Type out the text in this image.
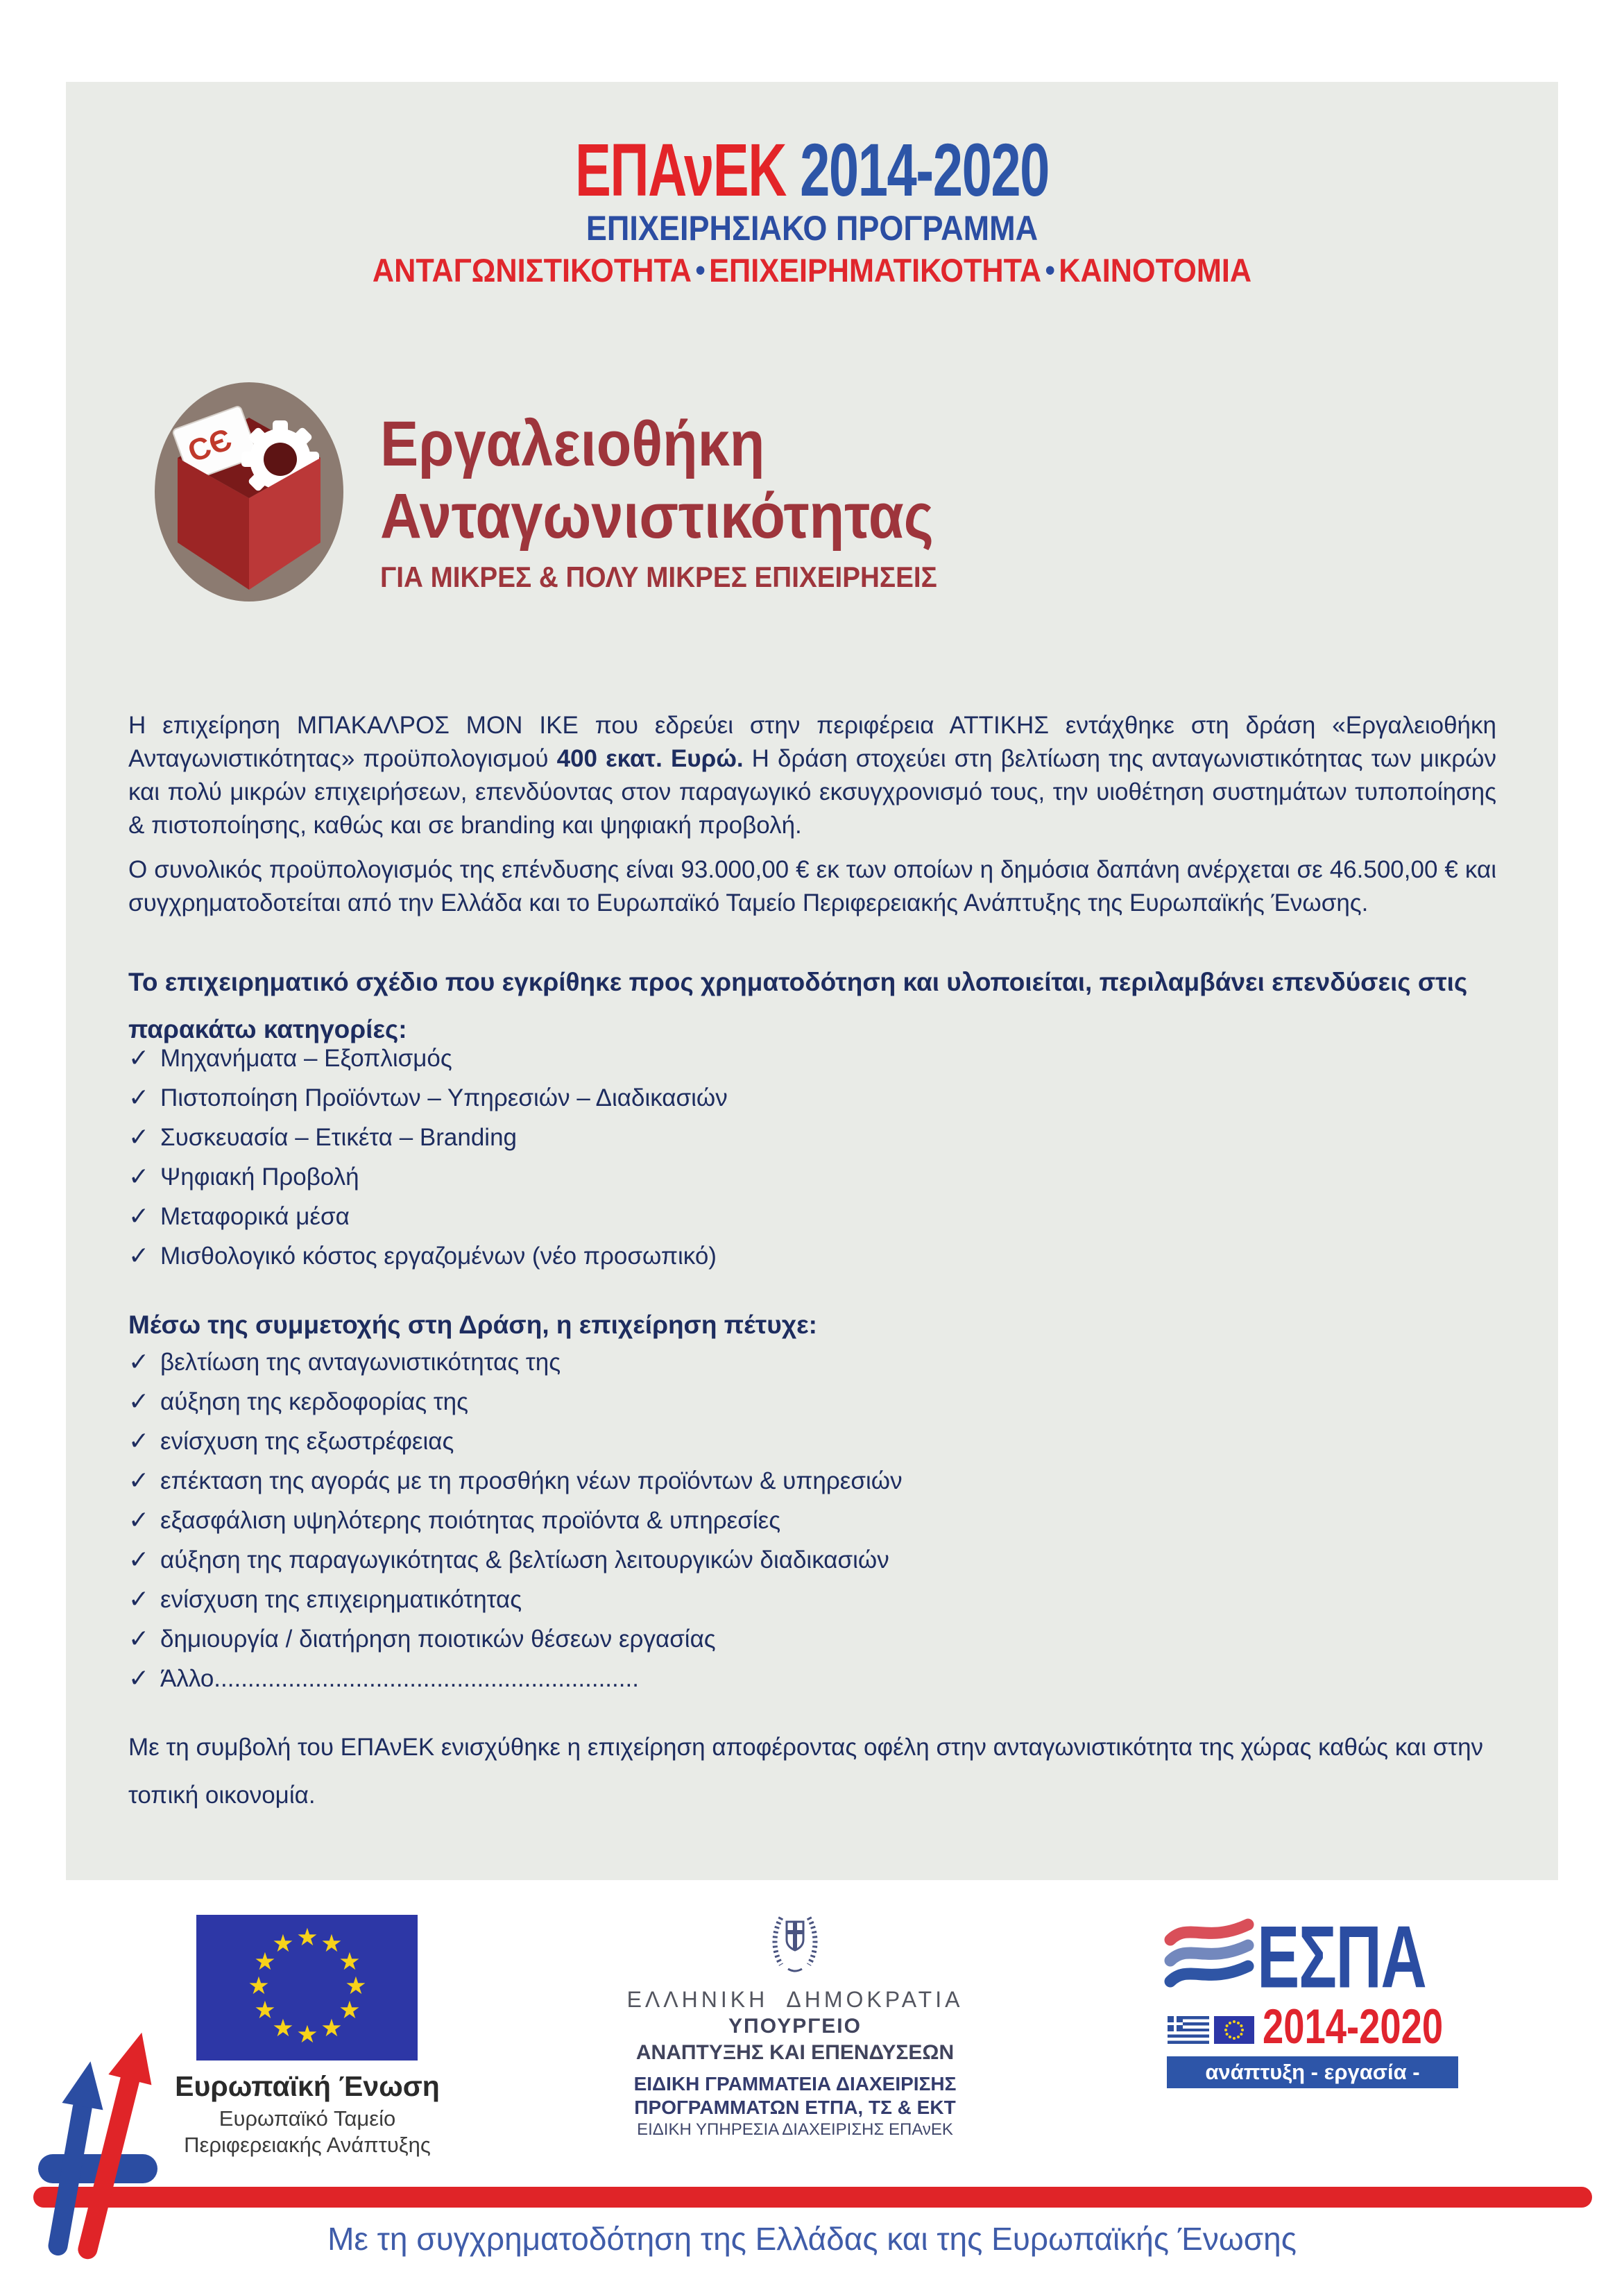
ΕΠΑνΕΚ 2014-2020
ΕΠΙΧΕΙΡΗΣΙΑΚΟ ΠΡΟΓΡΑΜΜΑ
ΑΝΤΑΓΩΝΙΣΤΙΚΟΤΗΤΑ • ΕΠΙΧΕΙΡΗΜΑΤΙΚΟΤΗΤΑ • ΚΑΙΝΟΤΟΜΙΑ
CЄ Εργαλειοθήκη
Ανταγωνιστικότητας
ΓΙΑ ΜΙΚΡΕΣ & ΠΟΛΥ ΜΙΚΡΕΣ ΕΠΙΧΕΙΡΗΣΕΙΣ
Η επιχείρηση ΜΠΑΚΑΛΡΟΣ ΜΟΝ ΙΚΕ που εδρεύει στην περιφέρεια ΑΤΤΙΚΗΣ εντάχθηκε στη δράση «Εργαλειοθήκη Ανταγωνιστικότητας» προϋπολογισμού 400 εκατ. Ευρώ. Η δράση στοχεύει στη βελτίωση της ανταγωνιστικότητας των μικρών και πολύ μικρών επιχειρήσεων, επενδύοντας στον παραγωγικό εκσυγχρονισμό τους, την υιοθέτηση συστημάτων τυποποίησης & πιστοποίησης, καθώς και σε branding και ψηφιακή προβολή.
Ο συνολικός προϋπολογισμός της επένδυσης είναι 93.000,00 € εκ των οποίων η δημόσια δαπάνη ανέρχεται σε 46.500,00 € και συγχρηματοδοτείται από την Ελλάδα και το Ευρωπαϊκό Ταμείο Περιφερειακής Ανάπτυξης της Ευρωπαϊκής Ένωσης.
Το επιχειρηματικό σχέδιο που εγκρίθηκε προς χρηματοδότηση και υλοποιείται, περιλαμβάνει επενδύσεις στις παρακάτω κατηγορίες:
✓ Μηχανήματα – Εξοπλισμός
✓ Πιστοποίηση Προϊόντων – Υπηρεσιών – Διαδικασιών
✓ Συσκευασία – Ετικέτα – Branding
✓ Ψηφιακή Προβολή
✓ Μεταφορικά μέσα
✓ Μισθολογικό κόστος εργαζομένων (νέο προσωπικό)
Μέσω της συμμετοχής στη Δράση, η επιχείρηση πέτυχε:
✓ βελτίωση της ανταγωνιστικότητας της
✓ αύξηση της κερδοφορίας της
✓ ενίσχυση της εξωστρέφειας
✓ επέκταση της αγοράς με τη προσθήκη νέων προϊόντων & υπηρεσιών
✓ εξασφάλιση υψηλότερης ποιότητας προϊόντα & υπηρεσίες
✓ αύξηση της παραγωγικότητας & βελτίωση λειτουργικών διαδικασιών
✓ ενίσχυση της επιχειρηματικότητας
✓ δημιουργία / διατήρηση ποιοτικών θέσεων εργασίας
✓ Άλλο...............................................................
Με τη συμβολή του ΕΠΑνΕΚ ενισχύθηκε η επιχείρηση αποφέροντας οφέλη στην ανταγωνιστικότητα της χώρας καθώς και στην τοπική οικονομία.
★ ★
★
★
★
★
★
★
★
★
★
★
Ευρωπαϊκή Ένωση
Ευρωπαϊκό Ταμείο
Περιφερειακής Ανάπτυξης
ΕΛΛΗΝΙΚΗ ΔΗΜΟΚΡΑΤΙΑ
ΥΠΟΥΡΓΕΙΟ
ΑΝΑΠΤΥΞΗΣ ΚΑΙ ΕΠΕΝΔΥΣΕΩΝ
ΕΙΔΙΚΗ ΓΡΑΜΜΑΤΕΙΑ ΔΙΑΧΕΙΡΙΣΗΣ
ΠΡΟΓΡΑΜΜΑΤΩΝ ΕΤΠΑ, ΤΣ & ΕΚΤ
ΕΙΔΙΚΗ ΥΠΗΡΕΣΙΑ ΔΙΑΧΕΙΡΙΣΗΣ ΕΠΑνΕΚ
ΕΣΠΑ
2014-2020
ανάπτυξη - εργασία - αλληλεγγύη
Με τη συγχρηματοδότηση της Ελλάδας και της Ευρωπαϊκής Ένωσης
